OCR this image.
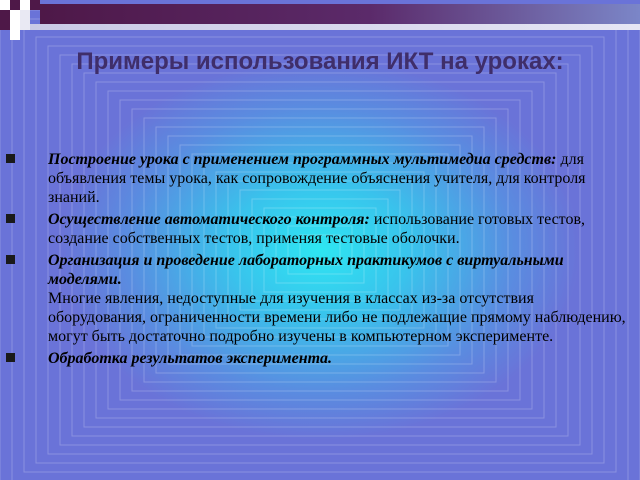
Примеры использования ИКТ на уроках:
Построение урока с применением программных мультимедиа средств: для объявления темы урока, как сопровождение объяснения учителя, для контроля знаний.
Осуществление автоматического контроля: использование готовых тестов, создание собственных тестов, применяя тестовые оболочки.
Организация и проведение лабораторных практикумов с виртуальными моделями.
Многие явления, недоступные для изучения в классах из-за отсутствия оборудования, ограниченности времени либо не подлежащие прямому наблюдению, могут быть достаточно подробно изучены в компьютерном эксперименте.
Обработка результатов эксперимента.
